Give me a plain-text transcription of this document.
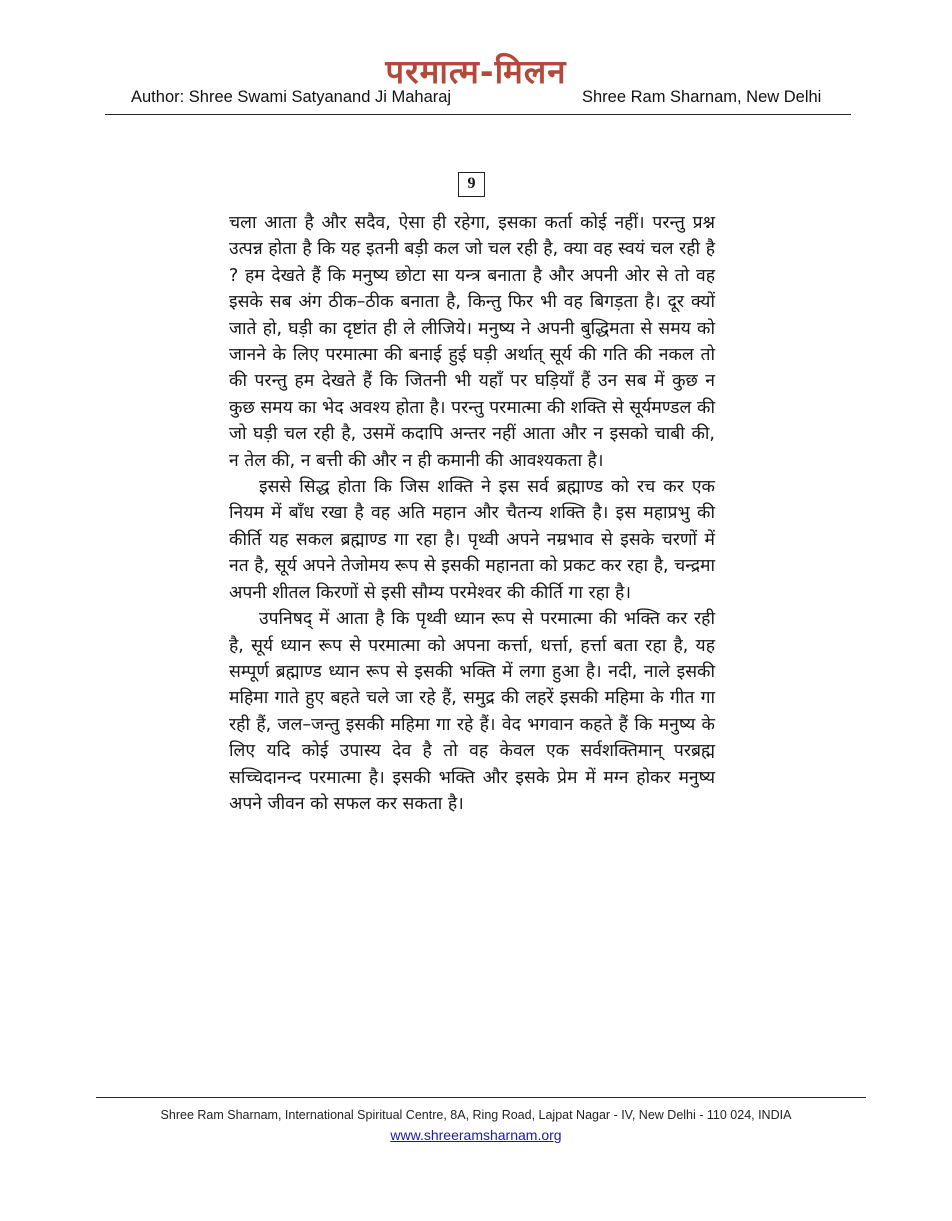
परमात्म-मिलन
Author: Shree Swami Satyanand Ji Maharaj	Shree Ram Sharnam, New Delhi
9

चला आता है और सदैव, ऐसा ही रहेगा, इसका कर्ता कोई नहीं। परन्तु प्रश्न उत्पन्न होता है कि यह इतनी बड़ी कल जो चल रही है, क्या वह स्वयं चल रही है ? हम देखते हैं कि मनुष्य छोटा सा यन्त्र बनाता है और अपनी ओर से तो वह इसके सब अंग ठीक–ठीक बनाता है, किन्तु फिर भी वह बिगड़ता है। दूर क्यों जाते हो, घड़ी का दृष्टांत ही ले लीजिये। मनुष्य ने अपनी बुद्धिमता से समय को जानने के लिए परमात्मा की बनाई हुई घड़ी अर्थात् सूर्य की गति की नकल तो की परन्तु हम देखते हैं कि जितनी भी यहाँ पर घड़ियाँ हैं उन सब में कुछ न कुछ समय का भेद अवश्य होता है। परन्तु परमात्मा की शक्ति से सूर्यमण्डल की जो घड़ी चल रही है, उसमें कदापि अन्तर नहीं आता और न इसको चाबी की, न तेल की, न बत्ती की और न ही कमानी की आवश्यकता है।

इससे सिद्ध होता कि जिस शक्ति ने इस सर्व ब्रह्माण्ड को रच कर एक नियम में बाँध रखा है वह अति महान और चैतन्य शक्ति है। इस महाप्रभु की कीर्ति यह सकल ब्रह्माण्ड गा रहा है। पृथ्वी अपने नम्रभाव से इसके चरणों में नत है, सूर्य अपने तेजोमय रूप से इसकी महानता को प्रकट कर रहा है, चन्द्रमा अपनी शीतल किरणों से इसी सौम्य परमेश्वर की कीर्ति गा रहा है।

उपनिषद् में आता है कि पृथ्वी ध्यान रूप से परमात्मा की भक्ति कर रही है, सूर्य ध्यान रूप से परमात्मा को अपना कर्त्ता, धर्त्ता, हर्त्ता बता रहा है, यह सम्पूर्ण ब्रह्माण्ड ध्यान रूप से इसकी भक्ति में लगा हुआ है। नदी, नाले इसकी महिमा गाते हुए बहते चले जा रहे हैं, समुद्र की लहरें इसकी महिमा के गीत गा रही हैं, जल–जन्तु इसकी महिमा गा रहे हैं। वेद भगवान कहते हैं कि मनुष्य के लिए यदि कोई उपास्य देव है तो वह केवल एक सर्वशक्तिमान् परब्रह्म सच्चिदानन्द परमात्मा है। इसकी भक्ति और इसके प्रेम में मग्न होकर मनुष्य अपने जीवन को सफल कर सकता है।

Shree Ram Sharnam, International Spiritual Centre, 8A, Ring Road, Lajpat Nagar - IV, New Delhi - 110 024, INDIA
www.shreeramsharnam.org
